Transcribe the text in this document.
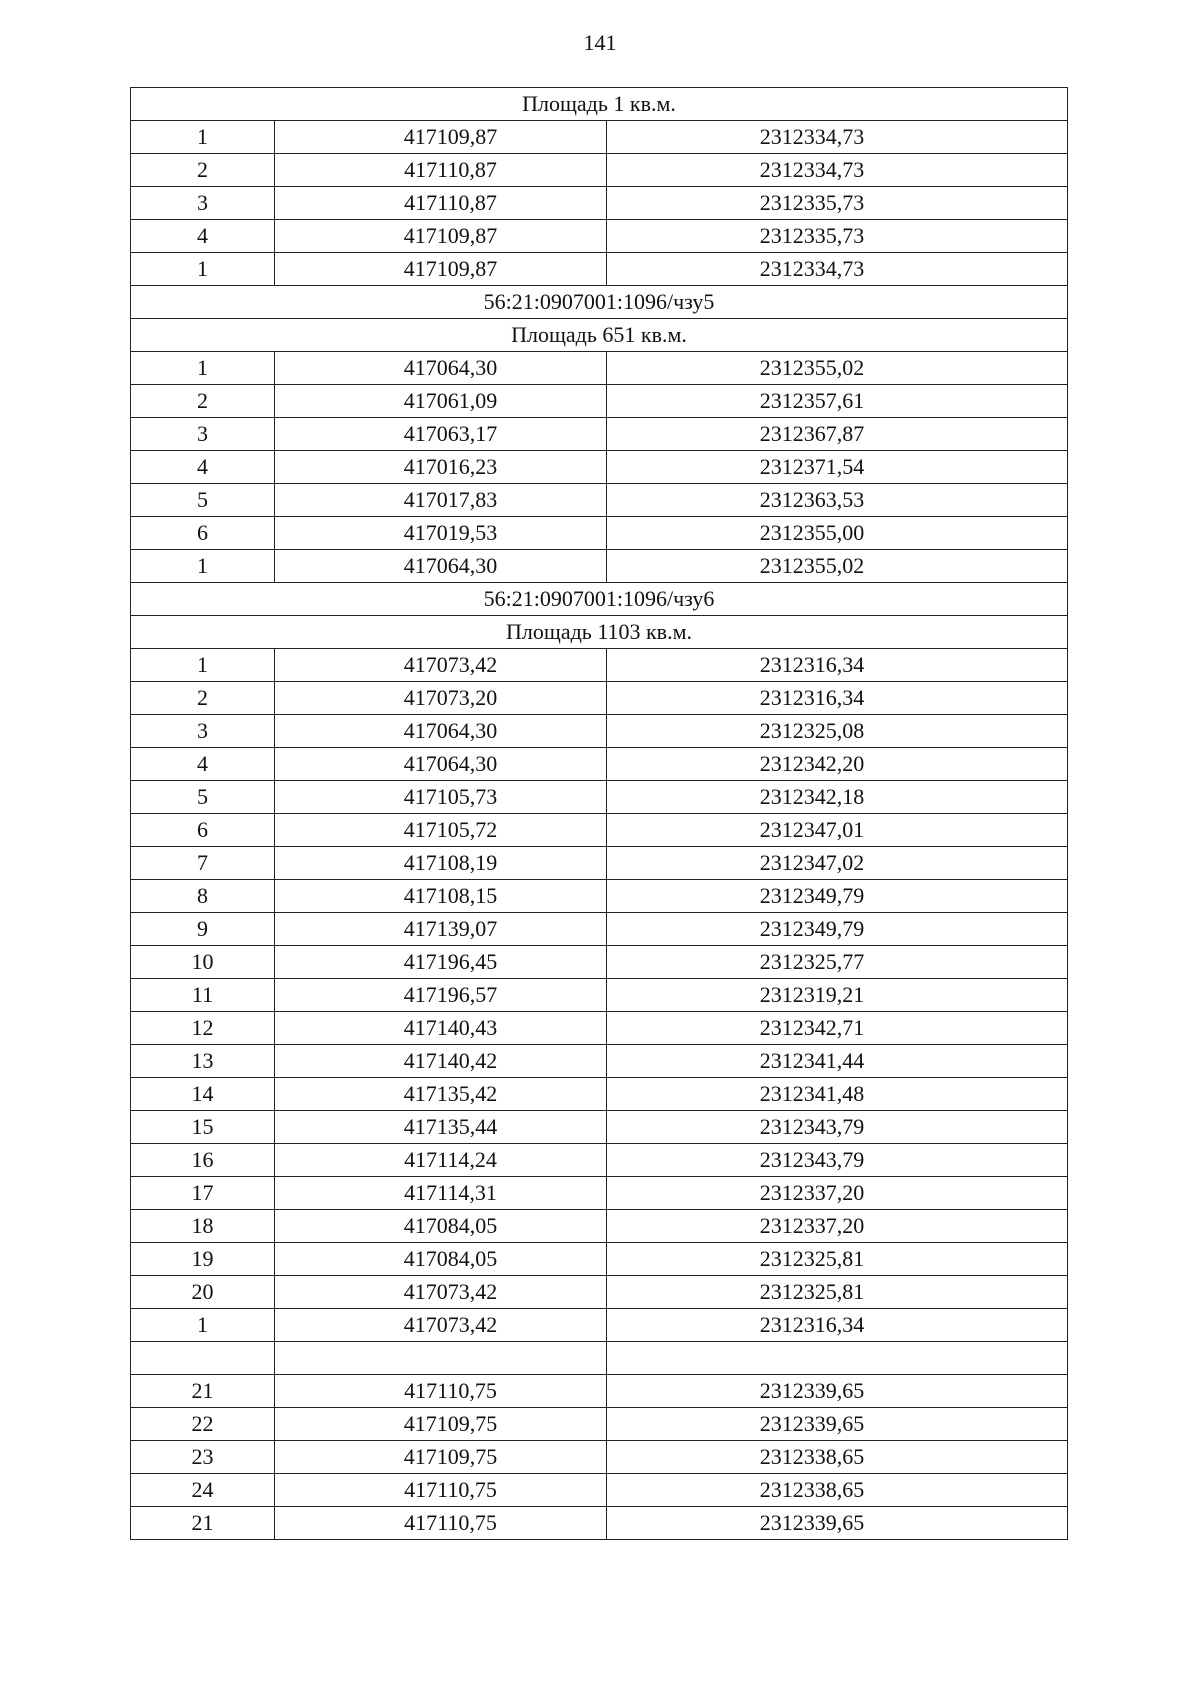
141
Площадь 1 кв.м.		
1	417109,87	2312334,73
2	417110,87	2312334,73
3	417110,87	2312335,73
4	417109,87	2312335,73
1	417109,87	2312334,73
56:21:0907001:1096/чзу5		
Площадь 651 кв.м.		
1	417064,30	2312355,02
2	417061,09	2312357,61
3	417063,17	2312367,87
4	417016,23	2312371,54
5	417017,83	2312363,53
6	417019,53	2312355,00
1	417064,30	2312355,02
56:21:0907001:1096/чзу6		
Площадь 1103 кв.м.		
1	417073,42	2312316,34
2	417073,20	2312316,34
3	417064,30	2312325,08
4	417064,30	2312342,20
5	417105,73	2312342,18
6	417105,72	2312347,01
7	417108,19	2312347,02
8	417108,15	2312349,79
9	417139,07	2312349,79
10	417196,45	2312325,77
11	417196,57	2312319,21
12	417140,43	2312342,71
13	417140,42	2312341,44
14	417135,42	2312341,48
15	417135,44	2312343,79
16	417114,24	2312343,79
17	417114,31	2312337,20
18	417084,05	2312337,20
19	417084,05	2312325,81
20	417073,42	2312325,81
1	417073,42	2312316,34

21	417110,75	2312339,65
22	417109,75	2312339,65
23	417109,75	2312338,65
24	417110,75	2312338,65
21	417110,75	2312339,65
